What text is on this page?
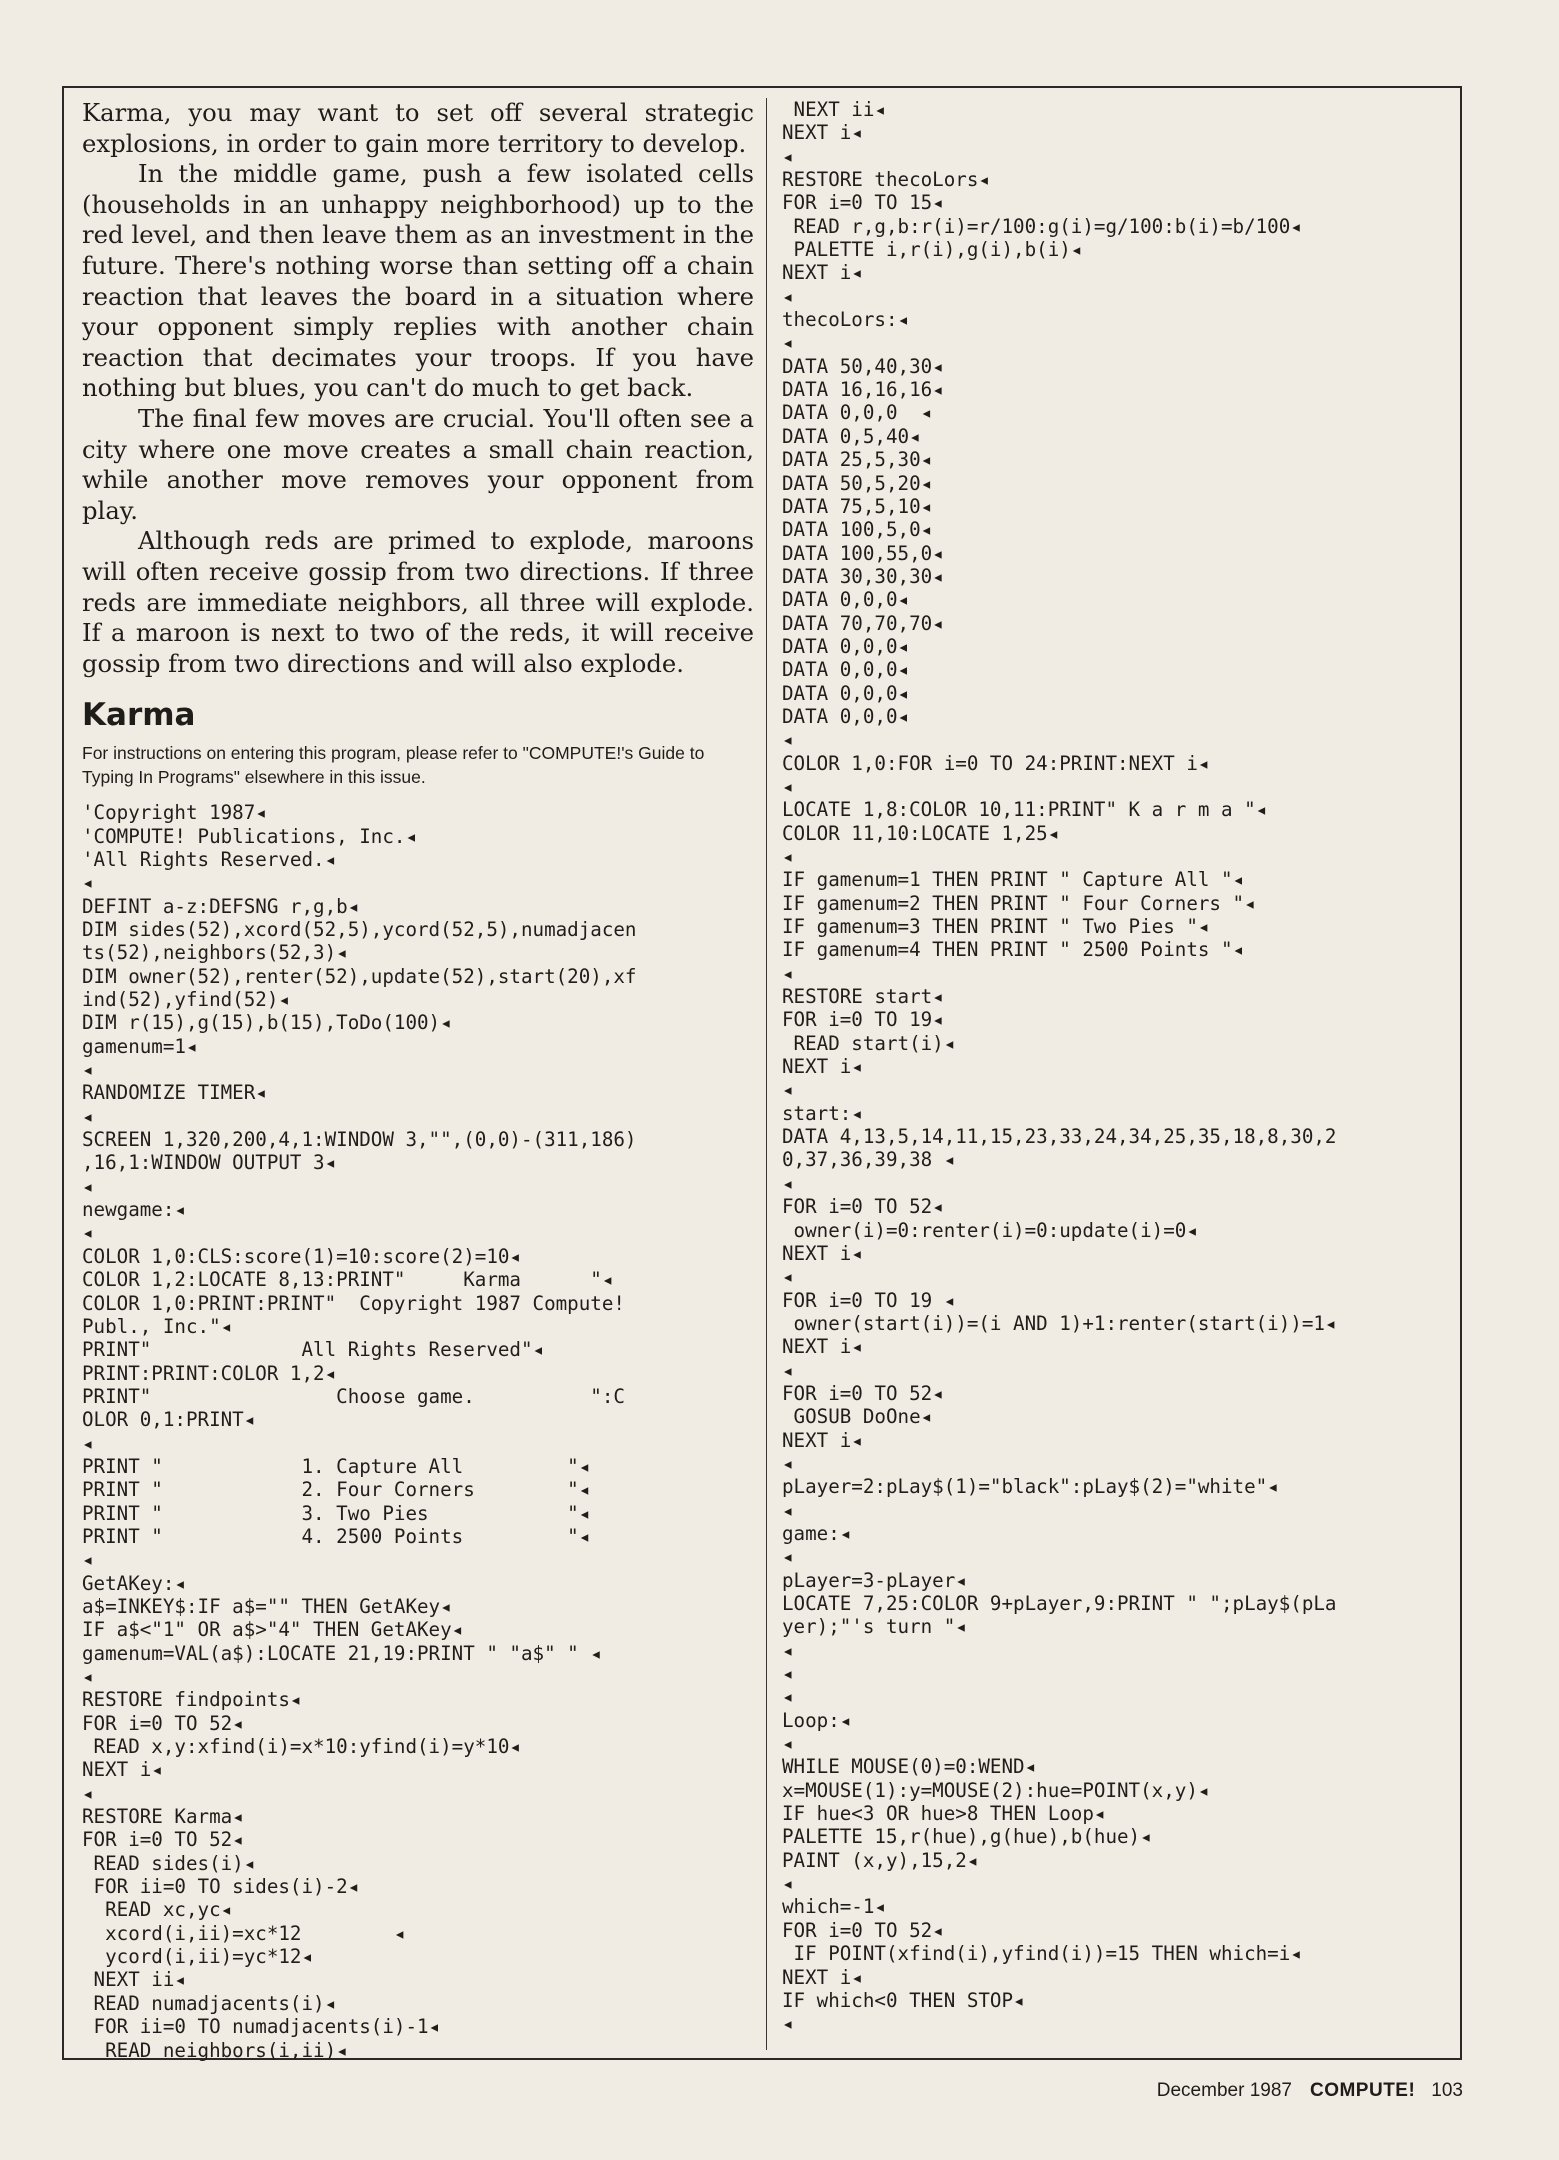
Karma, you may want to set off several strategic explosions, in order to gain more territory to develop.

In the middle game, push a few isolated cells (households in an unhappy neighborhood) up to the red level, and then leave them as an investment in the future. There's nothing worse than setting off a chain reaction that leaves the board in a situation where your opponent simply replies with another chain reaction that decimates your troops. If you have nothing but blues, you can't do much to get back.

The final few moves are crucial. You'll often see a city where one move creates a small chain reaction, while another move removes your opponent from play.

Although reds are primed to explode, maroons will often receive gossip from two directions. If three reds are immediate neighbors, all three will explode. If a maroon is next to two of the reds, it will receive gossip from two directions and will also explode.

Karma
For instructions on entering this program, please refer to "COMPUTE!'s Guide to Typing In Programs" elsewhere in this issue.
'Copyright 1987◂
'COMPUTE! Publications, Inc.◂
'All Rights Reserved.◂
◂
DEFINT a-z:DEFSNG r,g,b◂
DIM sides(52),xcord(52,5),ycord(52,5),numadjacen
ts(52),neighbors(52,3)◂
DIM owner(52),renter(52),update(52),start(20),xf
ind(52),yfind(52)◂
DIM r(15),g(15),b(15),ToDo(100)◂
gamenum=1◂
◂
RANDOMIZE TIMER◂
◂
SCREEN 1,320,200,4,1:WINDOW 3,"",(0,0)-(311,186)
,16,1:WINDOW OUTPUT 3◂
◂
newgame:◂
◂
COLOR 1,0:CLS:score(1)=10:score(2)=10◂
COLOR 1,2:LOCATE 8,13:PRINT"     Karma      "◂
COLOR 1,0:PRINT:PRINT"  Copyright 1987 Compute!
Publ., Inc."◂
PRINT"             All Rights Reserved"◂
PRINT:PRINT:COLOR 1,2◂
PRINT"                Choose game.          ":C
OLOR 0,1:PRINT◂
◂
PRINT "            1. Capture All         "◂
PRINT "            2. Four Corners        "◂
PRINT "            3. Two Pies            "◂
PRINT "            4. 2500 Points         "◂
◂
GetAKey:◂
a$=INKEY$:IF a$="" THEN GetAKey◂
IF a$<"1" OR a$>"4" THEN GetAKey◂
gamenum=VAL(a$):LOCATE 21,19:PRINT " "a$" " ◂
◂
RESTORE findpoints◂
FOR i=0 TO 52◂
READ x,y:xfind(i)=x*10:yfind(i)=y*10◂
NEXT i◂
◂
RESTORE Karma◂
FOR i=0 TO 52◂
READ sides(i)◂
FOR ii=0 TO sides(i)-2◂
READ xc,yc◂
xcord(i,ii)=xc*12        ◂
ycord(i,ii)=yc*12◂
NEXT ii◂
READ numadjacents(i)◂
FOR ii=0 TO numadjacents(i)-1◂
READ neighbors(i,ii)◂
NEXT ii◂
NEXT i◂
◂
RESTORE thecoLors◂
FOR i=0 TO 15◂
READ r,g,b:r(i)=r/100:g(i)=g/100:b(i)=b/100◂
PALETTE i,r(i),g(i),b(i)◂
NEXT i◂
◂
thecoLors:◂
◂
DATA 50,40,30◂
DATA 16,16,16◂
DATA 0,0,0  ◂
DATA 0,5,40◂
DATA 25,5,30◂
DATA 50,5,20◂
DATA 75,5,10◂
DATA 100,5,0◂
DATA 100,55,0◂
DATA 30,30,30◂
DATA 0,0,0◂
DATA 70,70,70◂
DATA 0,0,0◂
DATA 0,0,0◂
DATA 0,0,0◂
DATA 0,0,0◂
◂
COLOR 1,0:FOR i=0 TO 24:PRINT:NEXT i◂
◂
LOCATE 1,8:COLOR 10,11:PRINT" K a r m a "◂
COLOR 11,10:LOCATE 1,25◂
◂
IF gamenum=1 THEN PRINT " Capture All "◂
IF gamenum=2 THEN PRINT " Four Corners "◂
IF gamenum=3 THEN PRINT " Two Pies "◂
IF gamenum=4 THEN PRINT " 2500 Points "◂
◂
RESTORE start◂
FOR i=0 TO 19◂
READ start(i)◂
NEXT i◂
◂
start:◂
DATA 4,13,5,14,11,15,23,33,24,34,25,35,18,8,30,2
0,37,36,39,38 ◂
◂
FOR i=0 TO 52◂
owner(i)=0:renter(i)=0:update(i)=0◂
NEXT i◂
◂
FOR i=0 TO 19 ◂
owner(start(i))=(i AND 1)+1:renter(start(i))=1◂
NEXT i◂
◂
FOR i=0 TO 52◂
GOSUB DoOne◂
NEXT i◂
◂
pLayer=2:pLay$(1)="black":pLay$(2)="white"◂
◂
game:◂
◂
pLayer=3-pLayer◂
LOCATE 7,25:COLOR 9+pLayer,9:PRINT " ";pLay$(pLa
yer);"'s turn "◂
◂
◂
◂
Loop:◂
◂
WHILE MOUSE(0)=0:WEND◂
x=MOUSE(1):y=MOUSE(2):hue=POINT(x,y)◂
IF hue<3 OR hue>8 THEN Loop◂
PALETTE 15,r(hue),g(hue),b(hue)◂
PAINT (x,y),15,2◂
◂
which=-1◂
FOR i=0 TO 52◂
IF POINT(xfind(i),yfind(i))=15 THEN which=i◂
NEXT i◂
IF which<0 THEN STOP◂
◂
December 1987 COMPUTE! 103
